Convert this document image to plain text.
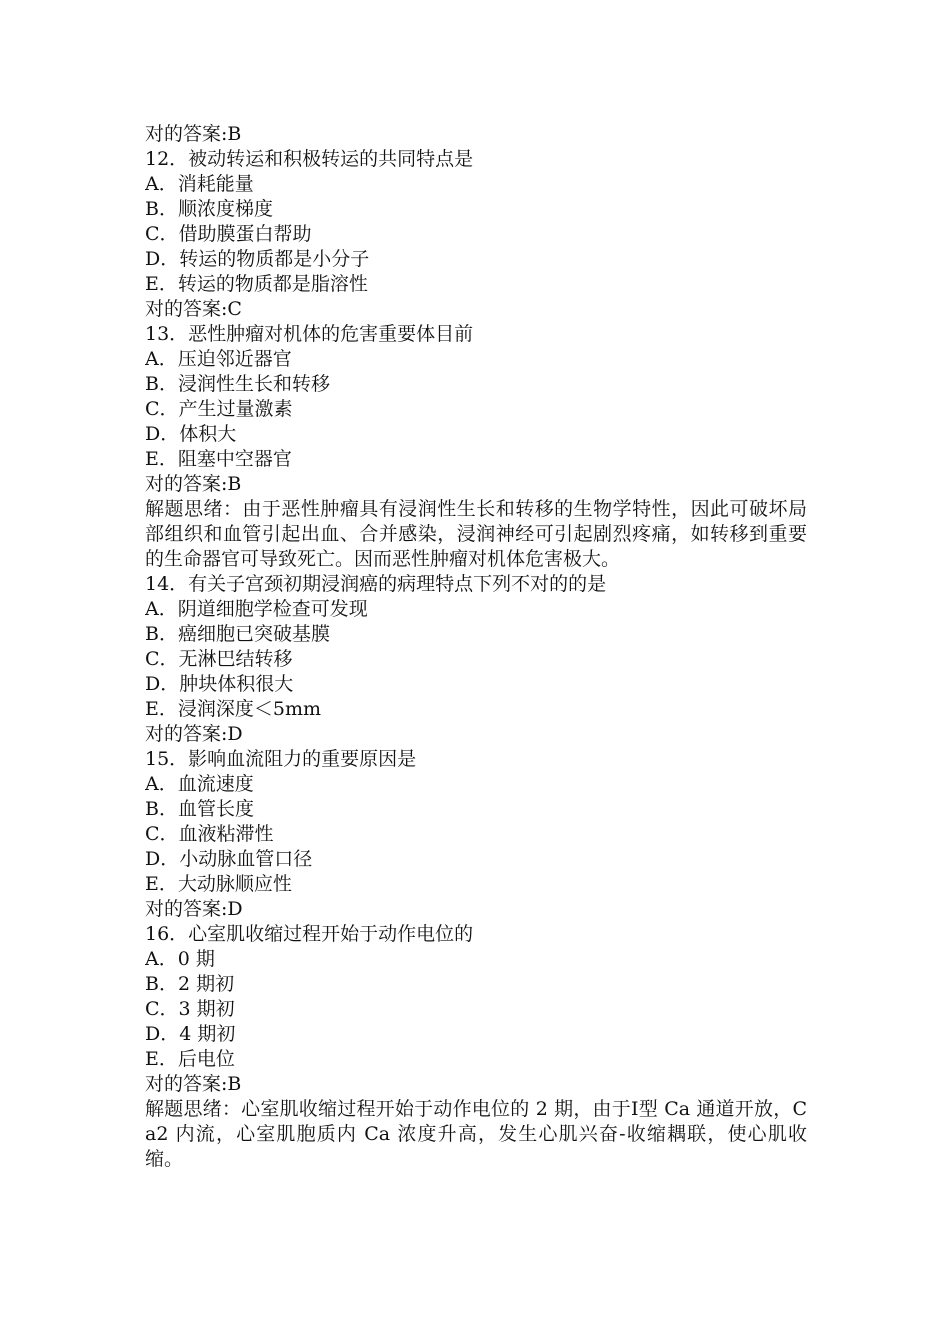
对的答案:B
12．被动转运和积极转运的共同特点是
A．消耗能量
B．顺浓度梯度
C．借助膜蛋白帮助
D．转运的物质都是小分子
E．转运的物质都是脂溶性
对的答案:C
13．恶性肿瘤对机体的危害重要体目前
A．压迫邻近器官
B．浸润性生长和转移
C．产生过量激素
D．体积大
E．阻塞中空器官
对的答案:B
解题思绪：由于恶性肿瘤具有浸润性生长和转移的生物学特性，因此可破坏局部组织和血管引起出血、合并感染，浸润神经可引起剧烈疼痛，如转移到重要的生命器官可导致死亡。因而恶性肿瘤对机体危害极大。
14．有关子宫颈初期浸润癌的病理特点下列不对的的是
A．阴道细胞学检查可发现
B．癌细胞已突破基膜
C．无淋巴结转移
D．肿块体积很大
E．浸润深度＜5mm
对的答案:D
15．影响血流阻力的重要原因是
A．血流速度
B．血管长度
C．血液粘滞性
D．小动脉血管口径
E．大动脉顺应性
对的答案:D
16．心室肌收缩过程开始于动作电位的
A．0 期
B．2 期初
C．3 期初
D．4 期初
E．后电位
对的答案:B
解题思绪：心室肌收缩过程开始于动作电位的 2 期，由于Ⅰ型 Ca 通道开放，Ca2 内流，心室肌胞质内 Ca 浓度升高，发生心肌兴奋-收缩耦联，使心肌收缩。
